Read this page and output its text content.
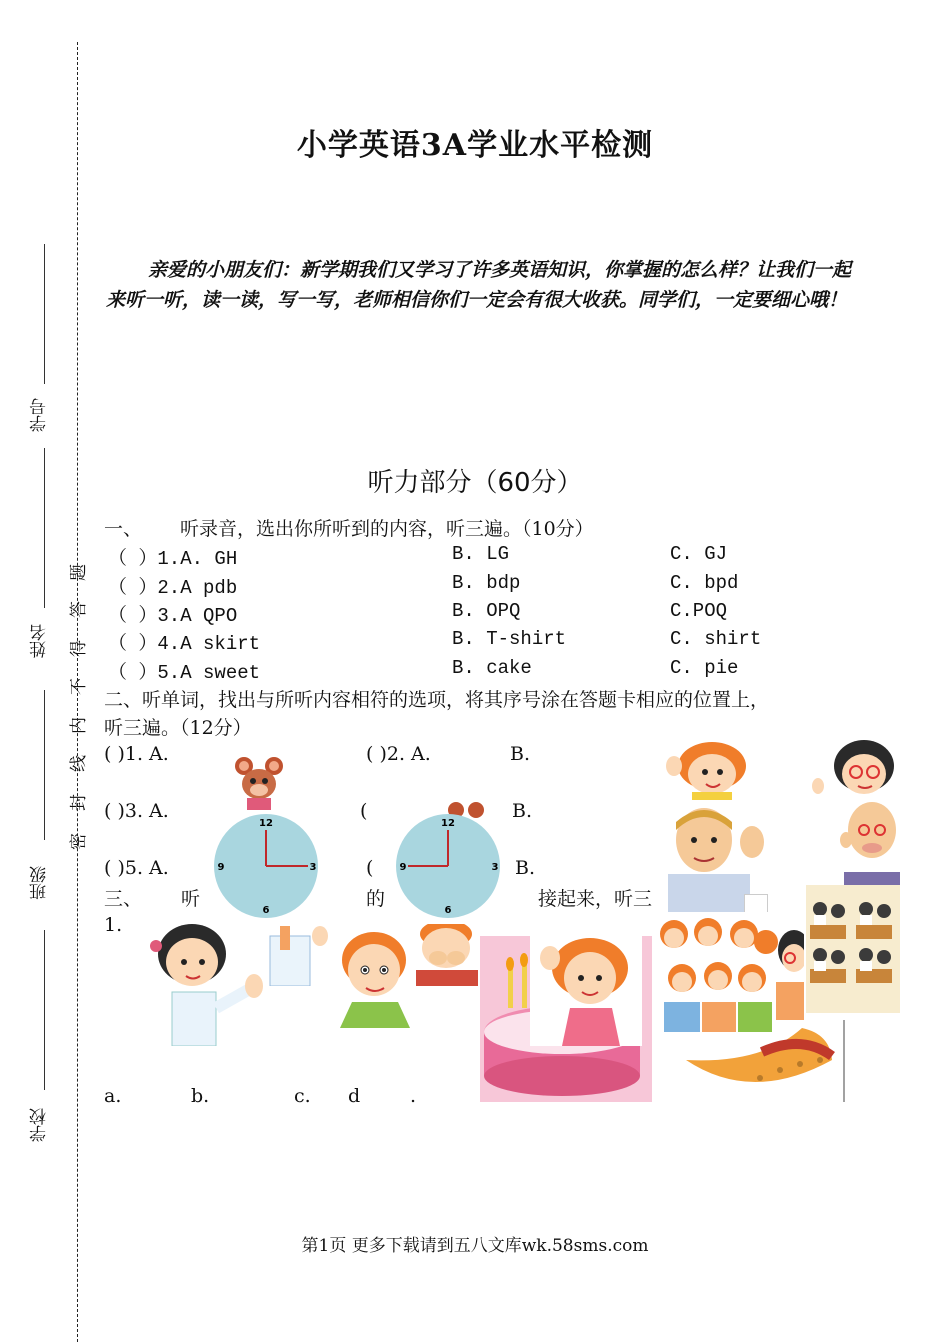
学号
姓名
班级
学校
题
答
得
不
内
线
封
密
小学英语3A学业水平检测
亲爱的小朋友们：新学期我们又学习了许多英语知识，你掌握的怎么样？让我们一起来听一听，读一读，写一写，老师相信你们一定会有很大收获。同学们，一定要细心哦！
听力部分（60分）
一、 听录音，选出你所听到的内容，听三遍。（10分）
（ ）1.A. GH	B. LG	C. GJ
（ ）2.A pdb	B. bdp	C. bpd
（ ）3.A QPO	B. OPQ	C.POQ
（ ）4.A skirt	B. T-shirt	C. shirt
（ ）5.A sweet	B. cake	C. pie
二、听单词，找出与所听内容相符的选项，将其序号涂在答题卡相应的位置上，
听三遍。（12分）
( )1. A.	( )2. A.	B.
( )3. A.	(	B.
( )5. A.	(	B.
三、 听	的	接起来，听三
1.
a.	b.	c. d	.
12
3
6
9
12
3
6
9
第1页 更多下载请到五八文库wk.58sms.com
